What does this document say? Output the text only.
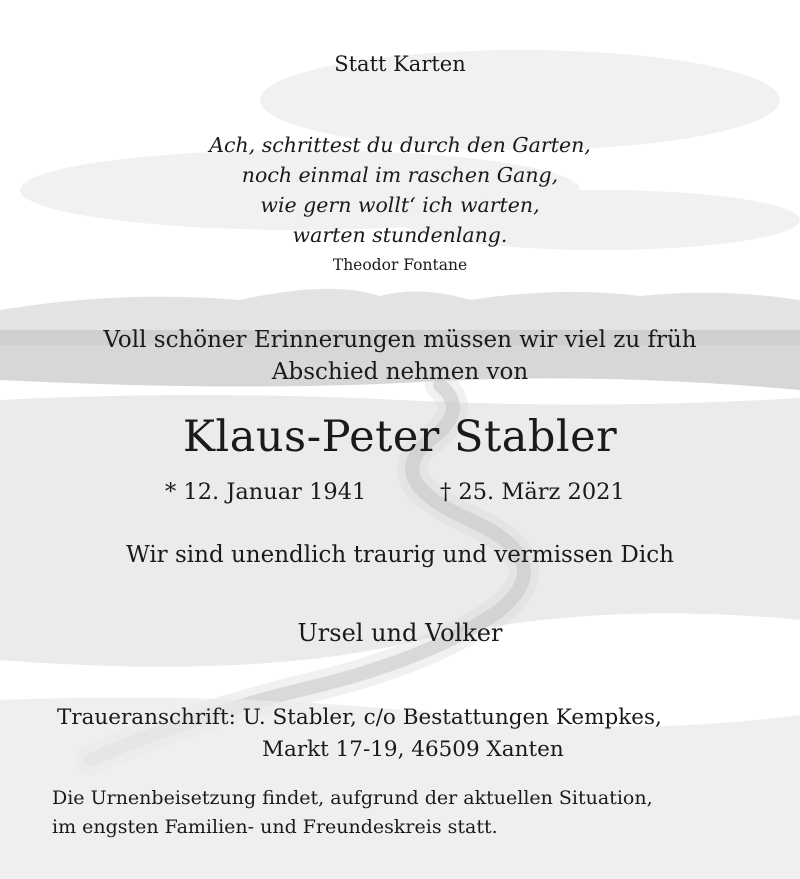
Statt Karten
Ach, schrittest du durch den Garten,
noch einmal im raschen Gang,
wie gern wollt‘ ich warten,
warten stundenlang.
Theodor Fontane
Voll schöner Erinnerungen müssen wir viel zu früh
Abschied nehmen von
Klaus-Peter Stabler
* 12. Januar 1941	† 25. März 2021
Wir sind unendlich traurig und vermissen Dich
Ursel und Volker
Traueranschrift: U. Stabler, c/o Bestattungen Kempkes,
Markt 17-19, 46509 Xanten
Die Urnenbeisetzung findet, aufgrund der aktuellen Situation,
im engsten Familien- und Freundeskreis statt.
